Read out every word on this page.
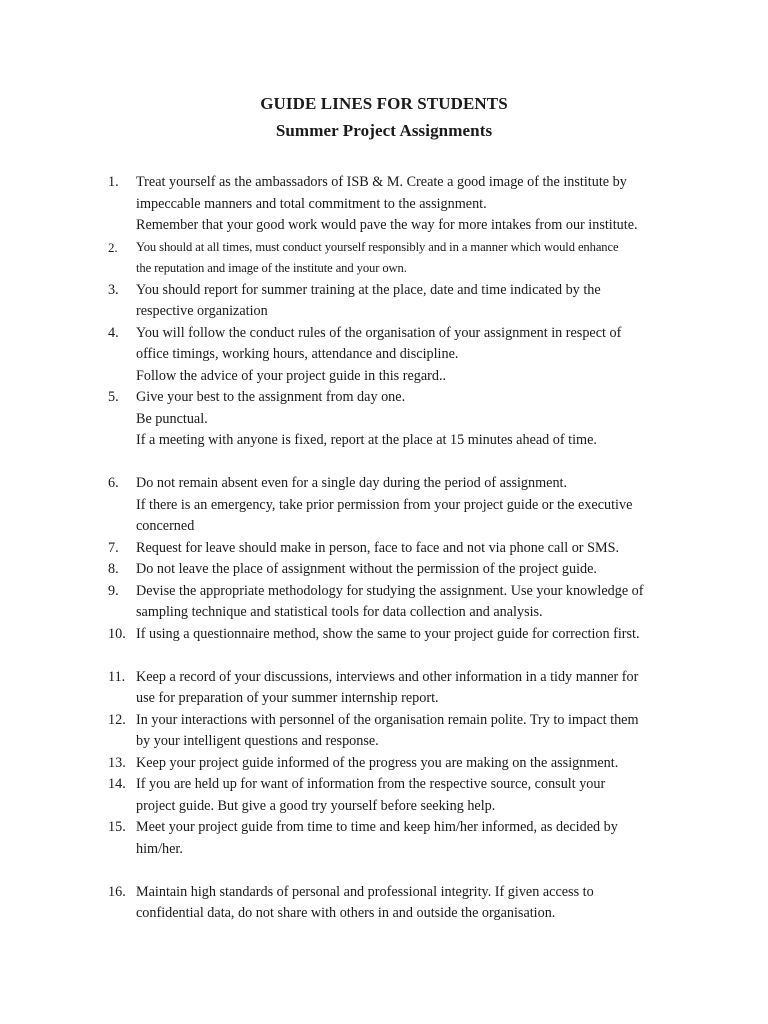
GUIDE LINES FOR STUDENTS
Summer Project Assignments
1. Treat yourself as the ambassadors of ISB & M. Create a good image of the institute by
impeccable manners and total commitment to the assignment.
Remember that your good work would pave the way for more intakes from our institute.
2. You should at all times, must conduct yourself responsibly and in a manner which would enhance
the reputation and image of the institute and your own.
3. You should report for summer training at the place, date and time indicated by the
respective organization
4. You will follow the conduct rules of the organisation of your assignment in respect of
office timings, working hours, attendance and discipline.
Follow the advice of your project guide in this regard..
5. Give your best to the assignment from day one.
Be punctual.
If a meeting with anyone is fixed, report at the place at 15 minutes ahead of time.
6. Do not remain absent even for a single day during the period of assignment.
If there is an emergency, take prior permission from your project guide or the executive
concerned
7. Request for leave should make in person, face to face and not via phone call or SMS.
8. Do not leave the place of assignment without the permission of the project guide.
9. Devise the appropriate methodology for studying the assignment. Use your knowledge of
sampling technique and statistical tools for data collection and analysis.
10. If using a questionnaire method, show the same to your project guide for correction first.
11. Keep a record of your discussions, interviews and other information in a tidy manner for
use for preparation of your summer internship report.
12. In your interactions with personnel of the organisation remain polite. Try to impact them
by your intelligent questions and response.
13. Keep your project guide informed of the progress you are making on the assignment.
14. If you are held up for want of information from the respective source, consult your
project guide. But give a good try yourself before seeking help.
15. Meet your project guide from time to time and keep him/her informed, as decided by
him/her.
16. Maintain high standards of personal and professional integrity. If given access to
confidential data, do not share with others in and outside the organisation.
